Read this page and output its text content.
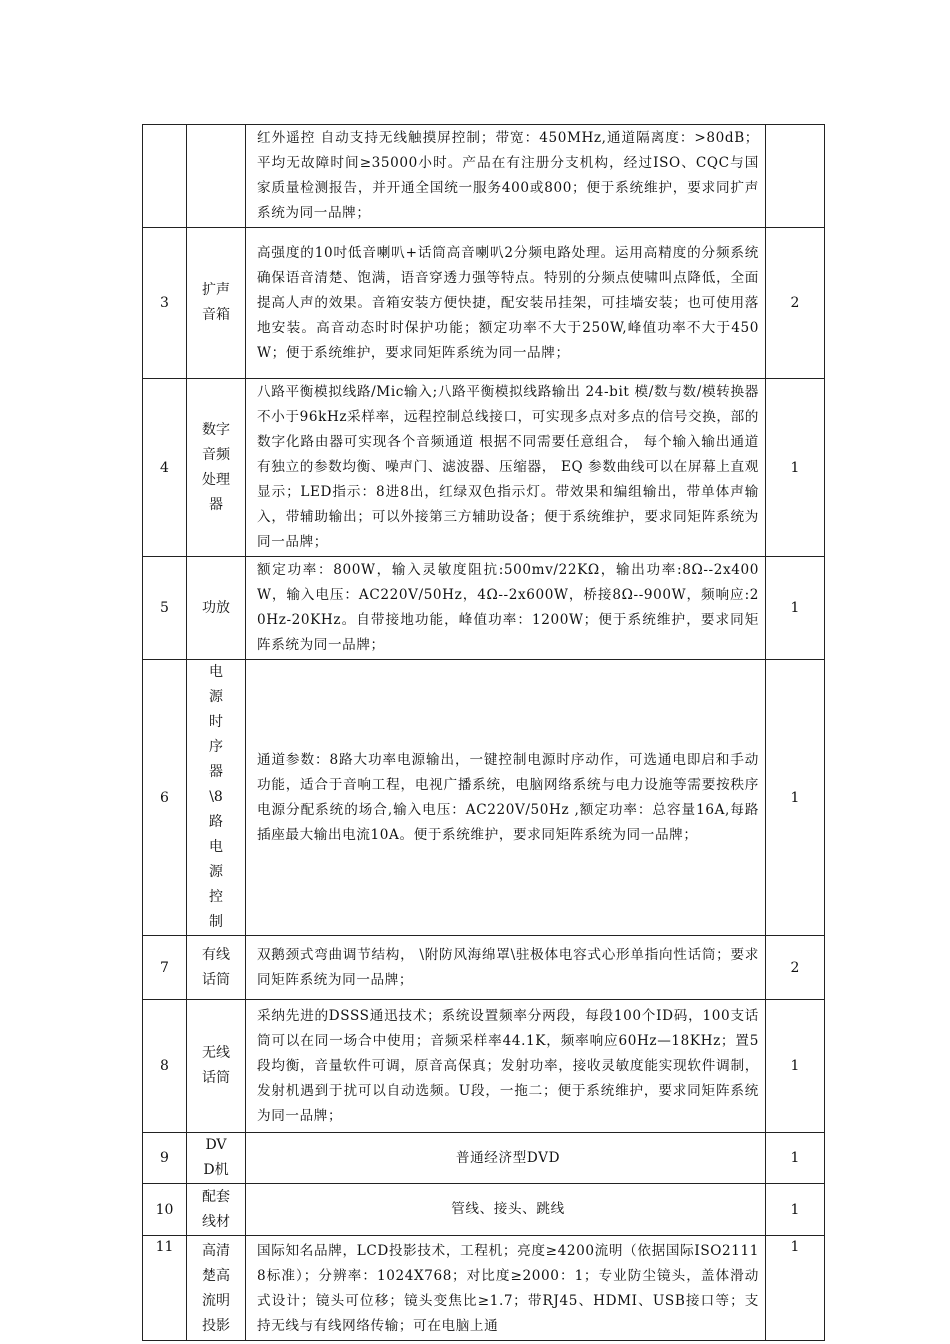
		红外遥控 自动支持无线触摸屏控制；带宽：450MHz,通道隔离度：>80dB；平均无故障时间≥35000小时。产品在有注册分支机构，经过ISO、CQC与国家质量检测报告，并开通全国统一服务400或800；便于系统维护，要求同扩声系统为同一品牌；	
3	扩声音箱	高强度的10吋低音喇叭+话筒高音喇叭2分频电路处理。运用高精度的分频系统确保语音清楚、饱满，语音穿透力强等特点。特别的分频点使啸叫点降低，全面提高人声的效果。音箱安装方便快捷，配安装吊挂架，可挂墙安装；也可使用落地安装。高音动态时时保护功能；额定功率不大于250W,峰值功率不大于450W；便于系统维护，要求同矩阵系统为同一品牌；	2
4	数字音频处理器	八路平衡模拟线路/Mic输入;八路平衡模拟线路输出 24-bit 模/数与数/模转换器 不小于96kHz采样率，远程控制总线接口，可实现多点对多点的信号交换，部的数字化路由器可实现各个音频通道 根据不同需要任意组合， 每个输入输出通道有独立的参数均衡、噪声门、滤波器、压缩器， EQ 参数曲线可以在屏幕上直观显示；LED指示：8进8出，红绿双色指示灯。带效果和编组输出，带单体声输入，带辅助输出；可以外接第三方辅助设备；便于系统维护，要求同矩阵系统为同一品牌；	1
5	功放	额定功率：800W，输入灵敏度阻抗:500mv/22KΩ，输出功率:8Ω--2x400W，输入电压：AC220V/50Hz，4Ω--2x600W，桥接8Ω--900W，频响应:20Hz-20KHz。自带接地功能，峰值功率：1200W；便于系统维护，要求同矩阵系统为同一品牌；	1
6	电源时序器\8路电源控制	通道参数：8路大功率电源输出，一键控制电源时序动作，可选通电即启和手动功能，适合于音响工程，电视广播系统，电脑网络系统与电力设施等需要按秩序电源分配系统的场合,输入电压：AC220V/50Hz ,额定功率：总容量16A,每路插座最大输出电流10A。便于系统维护，要求同矩阵系统为同一品牌；	1
7	有线话筒	双鹅颈式弯曲调节结构， \附防风海绵罩\驻极体电容式心形单指向性话筒；要求同矩阵系统为同一品牌；	2
8	无线话筒	采纳先进的DSSS通迅技术；系统设置频率分两段，每段100个ID码，100支话筒可以在同一场合中使用；音频采样率44.1K，频率响应60Hz—18KHz；置5段均衡，音量软件可调，原音高保真；发射功率，接收灵敏度能实现软件调制，发射机遇到于扰可以自动选频。U段，一拖二；便于系统维护，要求同矩阵系统为同一品牌；	1
9	DVD机	普通经济型DVD	1
10	配套线材	管线、接头、跳线	1
11	高清楚高流明投影	国际知名品牌，LCD投影技术，工程机；亮度≥4200流明（依据国际ISO21118标准）；分辨率：1024X768；对比度≥2000：1；专业防尘镜头，盖体滑动式设计；镜头可位移；镜头变焦比≥1.7；带RJ45、HDMI、USB接口等；支持无线与有线网络传输；可在电脑上通	1
